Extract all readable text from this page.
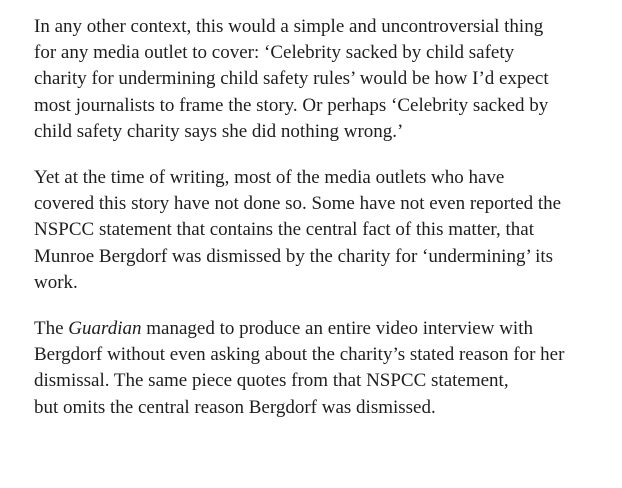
In any other context, this would a simple and uncontroversial thing
for any media outlet to cover: ‘Celebrity sacked by child safety
charity for undermining child safety rules’ would be how I’d expect
most journalists to frame the story. Or perhaps ‘Celebrity sacked by
child safety charity says she did nothing wrong.’

Yet at the time of writing, most of the media outlets who have
covered this story have not done so. Some have not even reported the
NSPCC statement that contains the central fact of this matter, that
Munroe Bergdorf was dismissed by the charity for ‘undermining’ its
work.

The Guardian managed to produce an entire video interview with
Bergdorf without even asking about the charity’s stated reason for her
dismissal. The same piece quotes from that NSPCC statement,
but omits the central reason Bergdorf was dismissed.
